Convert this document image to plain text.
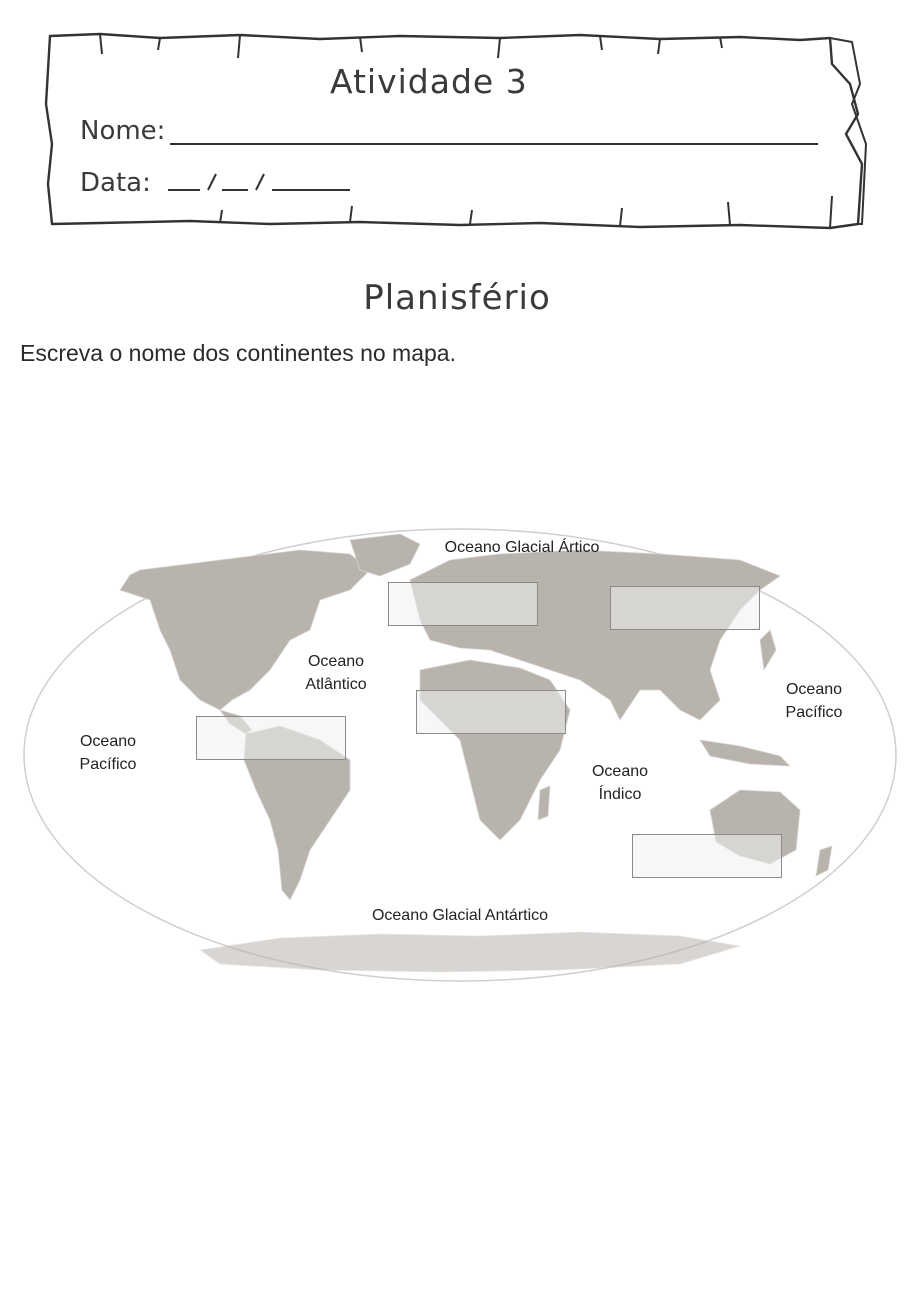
Atividade 3
Nome:
Data:
Planisfério
Escreva o nome dos continentes no mapa.
Oceano Glacial Ártico
Oceano
Atlântico	Oceano
Pacífico
Oceano
Pacífico	Oceano
Índico
Oceano Glacial Antártico
